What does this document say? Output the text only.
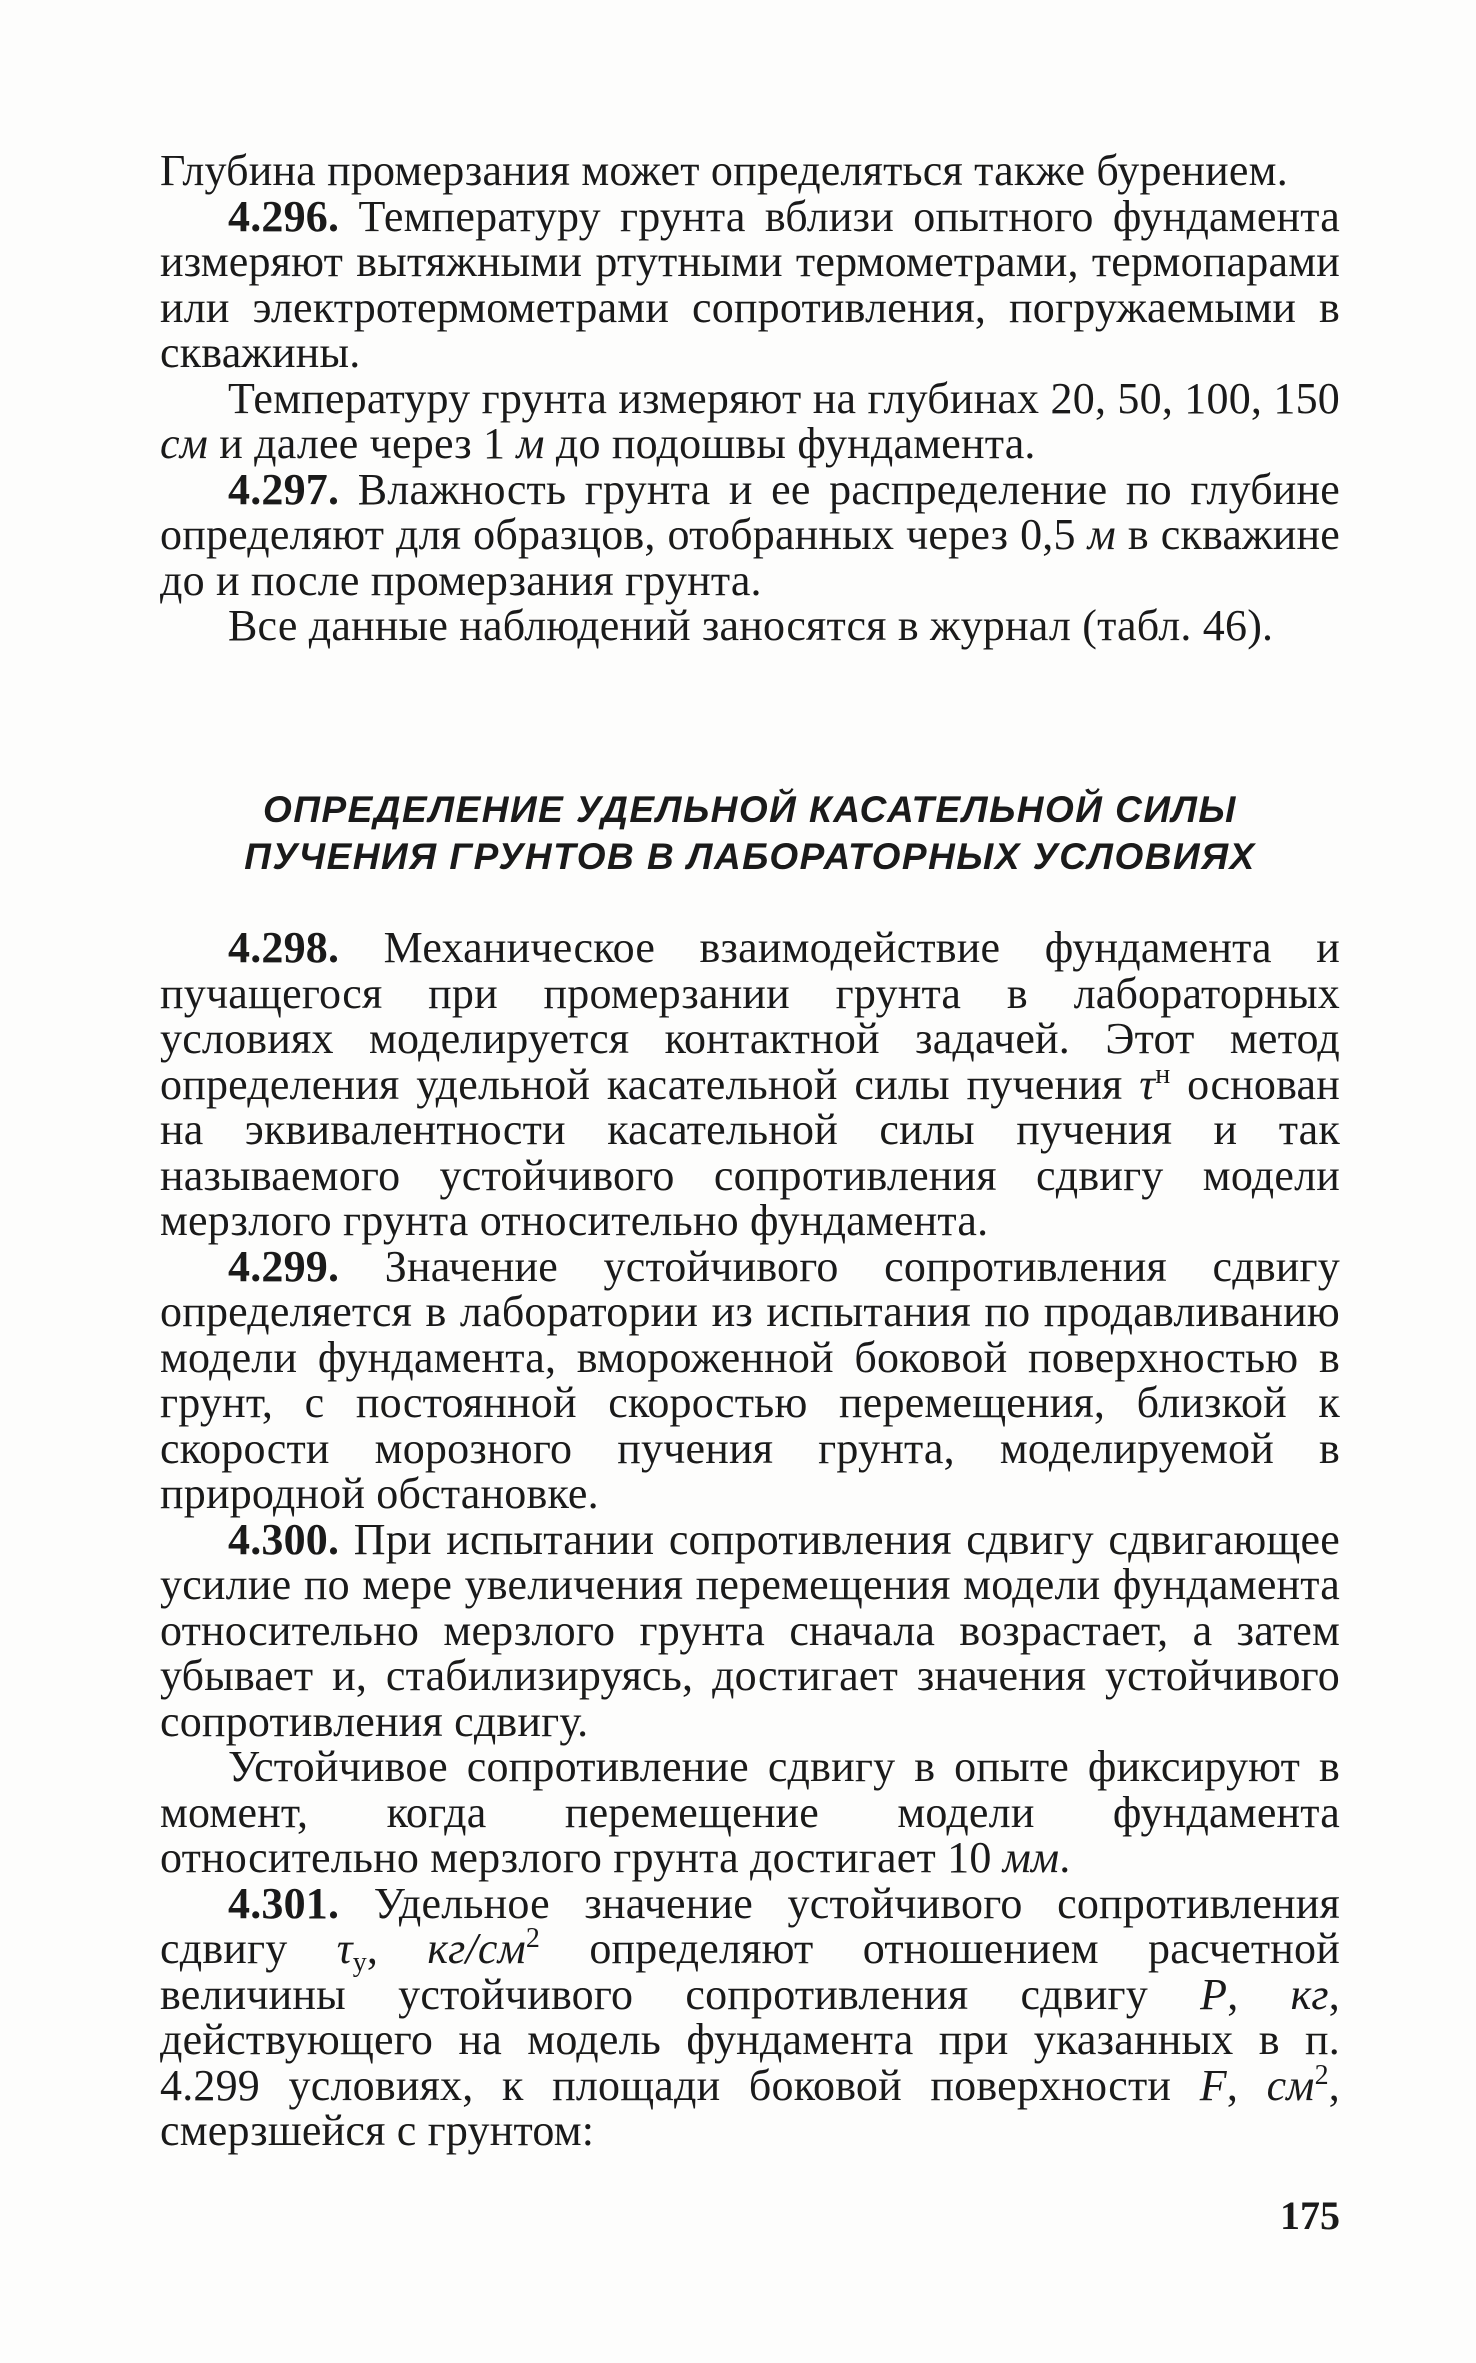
Глубина промерзания может определяться также бурением.

4.296. Температуру грунта вблизи опытного фундамента измеряют вытяжными ртутными термометрами, термопарами или электротермометрами сопротивления, погружаемыми в скважины.

Температуру грунта измеряют на глубинах 20, 50, 100, 150 см и далее через 1 м до подошвы фундамента.

4.297. Влажность грунта и ее распределение по глубине определяют для образцов, отобранных через 0,5 м в скважине до и после промерзания грунта.

Все данные наблюдений заносятся в журнал (табл. 46).

ОПРЕДЕЛЕНИЕ УДЕЛЬНОЙ КАСАТЕЛЬНОЙ СИЛЫ
ПУЧЕНИЯ ГРУНТОВ В ЛАБОРАТОРНЫХ УСЛОВИЯХ

4.298. Механическое взаимодействие фундамента и пучащегося при промерзании грунта в лабораторных условиях моделируется контактной задачей. Этот метод определения удельной касательной силы пучения $\tau^н$ основан на эквивалентности касательной силы пучения и так называемого устойчивого сопротивления сдвигу модели мерзлого грунта относительно фундамента.

4.299. Значение устойчивого сопротивления сдвигу определяется в лаборатории из испытания по продавливанию модели фундамента, вмороженной боковой поверхностью в грунт, с постоянной скоростью перемещения, близкой к скорости морозного пучения грунта, моделируемой в природной обстановке.

4.300. При испытании сопротивления сдвигу сдвигающее усилие по мере увеличения перемещения модели фундамента относительно мерзлого грунта сначала возрастает, а затем убывает и, стабилизируясь, достигает значения устойчивого сопротивления сдвигу.

Устойчивое сопротивление сдвигу в опыте фиксируют в момент, когда перемещение модели фундамента относительно мерзлого грунта достигает 10 мм.

4.301. Удельное значение устойчивого сопротивления сдвигу $\tau_у$, $кг/см^2$ определяют отношением расчетной величины устойчивого сопротивления сдвигу P, кг, действующего на модель фундамента при указанных в п. 4.299 условиях, к площади боковой поверхности F, $см^2$, смерзшейся с грунтом:

175
